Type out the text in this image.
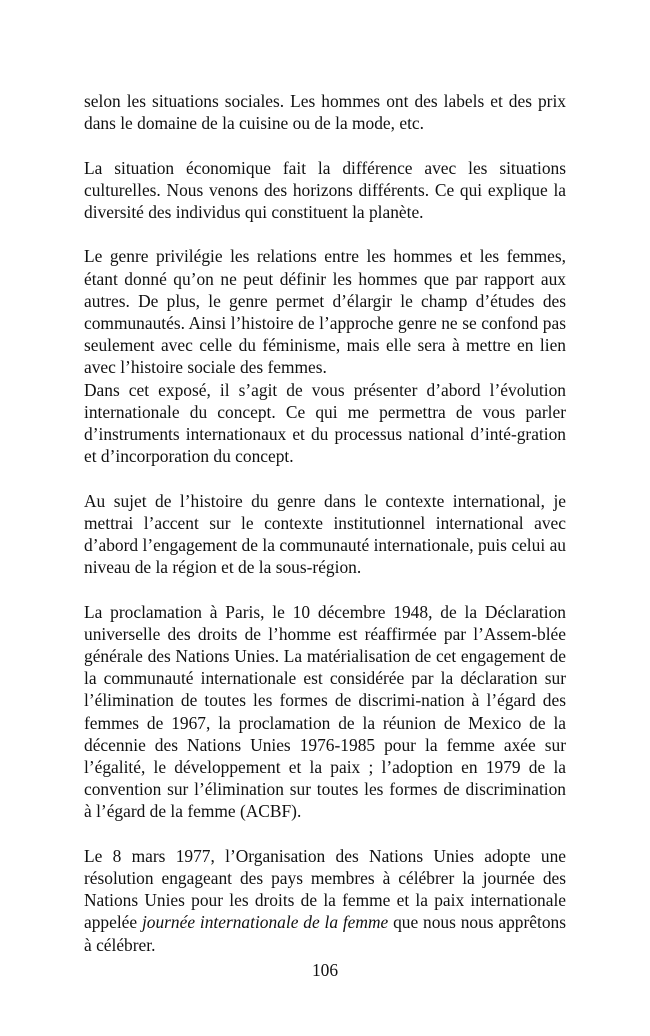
selon les situations sociales. Les hommes ont des labels et des prix dans le domaine de la cuisine ou de la mode, etc.

La situation économique fait la différence avec les situations culturelles. Nous venons des horizons différents. Ce qui explique la diversité des individus qui constituent la planète.

Le genre privilégie les relations entre les hommes et les femmes, étant donné qu’on ne peut définir les hommes que par rapport aux autres. De plus, le genre permet d’élargir le champ d’études des communautés. Ainsi l’histoire de l’approche genre ne se confond pas seulement avec celle du féminisme, mais elle sera à mettre en lien avec l’histoire sociale des femmes.

Dans cet exposé, il s’agit de vous présenter d’abord l’évolution internationale du concept. Ce qui me permettra de vous parler d’instruments internationaux et du processus national d’inté-gration et d’incorporation du concept.

Au sujet de l’histoire du genre dans le contexte international, je mettrai l’accent sur le contexte institutionnel international avec d’abord l’engagement de la communauté internationale, puis celui au niveau de la région et de la sous-région.

La proclamation à Paris, le 10 décembre 1948, de la Déclaration universelle des droits de l’homme est réaffirmée par l’Assem-blée générale des Nations Unies. La matérialisation de cet engagement de la communauté internationale est considérée par la déclaration sur l’élimination de toutes les formes de discrimi-nation à l’égard des femmes de 1967, la proclamation de la réunion de Mexico de la décennie des Nations Unies 1976-1985 pour la femme axée sur l’égalité, le développement et la paix ; l’adoption en 1979 de la convention sur l’élimination sur toutes les formes de discrimination à l’égard de la femme (ACBF).

Le 8 mars 1977, l’Organisation des Nations Unies adopte une résolution engageant des pays membres à célébrer la journée des Nations Unies pour les droits de la femme et la paix internationale appelée journée internationale de la femme que nous nous apprêtons à célébrer.

106
